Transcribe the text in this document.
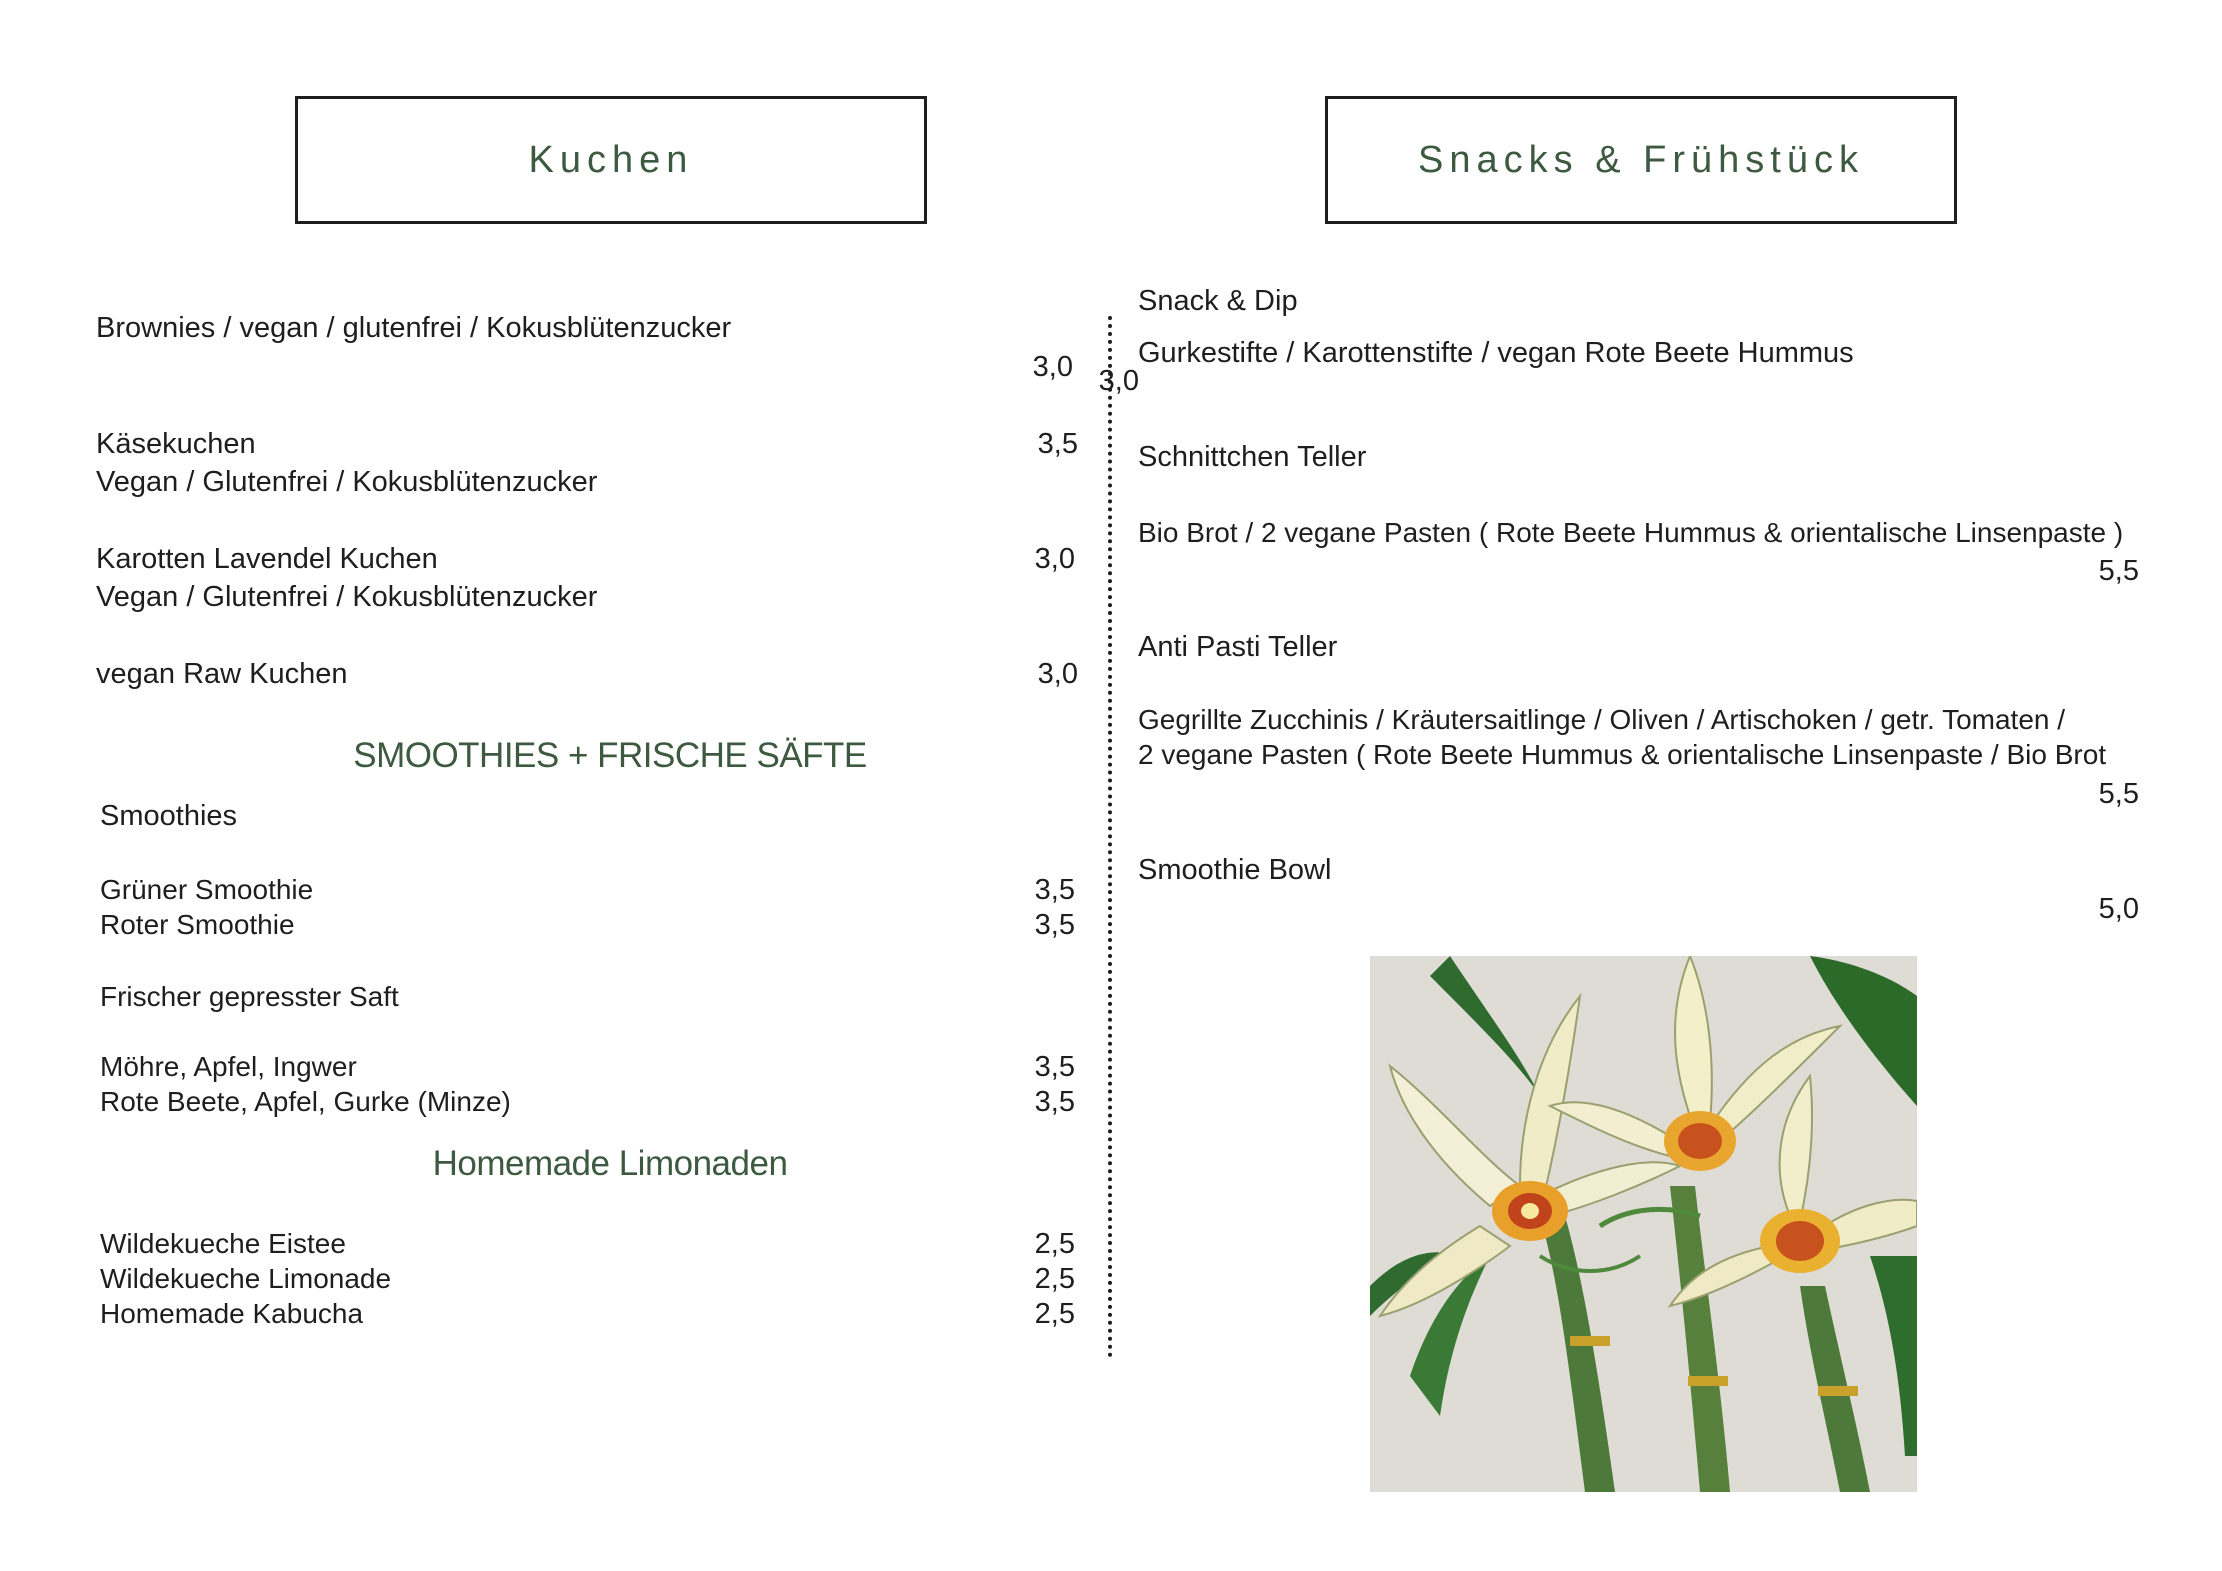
Kuchen
Brownies / vegan / glutenfrei / Kokusblütenzucker
3,0
Käsekuchen	3,5
Vegan / Glutenfrei / Kokusblütenzucker
Karotten Lavendel Kuchen	3,0
Vegan / Glutenfrei / Kokusblütenzucker
vegan Raw Kuchen	3,0
SMOOTHIES + FRISCHE SÄFTE
Smoothies
Grüner Smoothie	3,5
Roter Smoothie	3,5
Frischer gepresster Saft
Möhre, Apfel, Ingwer	3,5
Rote Beete, Apfel, Gurke (Minze)	3,5
Homemade Limonaden
Wildekueche Eistee	2,5
Wildekueche Limonade	2,5
Homemade Kabucha	2,5
Snacks & Frühstück
Snack & Dip
Gurkestifte / Karottenstifte / vegan Rote Beete Hummus
3,0
Schnittchen Teller
Bio Brot / 2 vegane Pasten ( Rote Beete Hummus & orientalische Linsenpaste )
5,5
Anti Pasti Teller
Gegrillte Zucchinis / Kräutersaitlinge / Oliven / Artischoken / getr. Tomaten /
2 vegane Pasten ( Rote Beete Hummus & orientalische Linsenpaste / Bio Brot
5,5
Smoothie Bowl
5,0
